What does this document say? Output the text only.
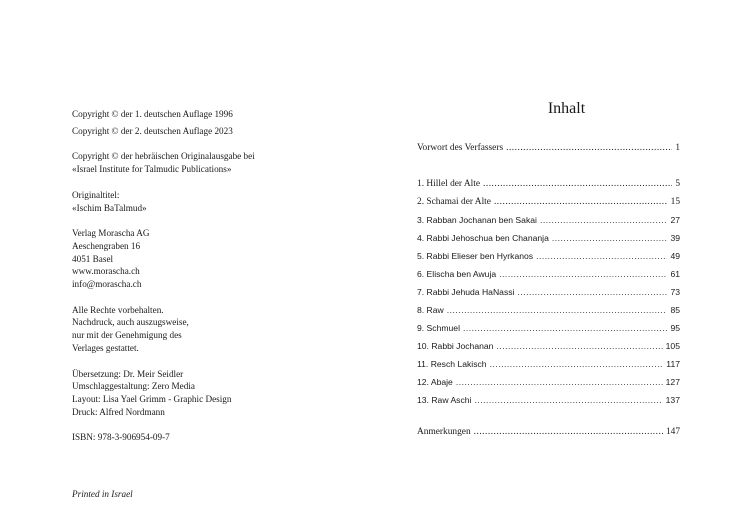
Copyright © der 1. deutschen Auflage 1996

Copyright © der 2. deutschen Auflage 2023

Copyright © der hebräischen Originalausgabe bei

«Israel Institute for Talmudic Publications»

Originaltitel:

«Ischim BaTalmud»

Verlag Morascha AG

Aeschengraben 16

4051 Basel

www.morascha.ch

info@morascha.ch

Alle Rechte vorbehalten.

Nachdruck, auch auszugsweise,

nur mit der Genehmigung des

Verlages gestattet.

Übersetzung: Dr. Meir Seidler

Umschlaggestaltung: Zero Media

Layout: Lisa Yael Grimm - Graphic Design

Druck: Alfred Nordmann

ISBN: 978-3-906954-09-7

Printed in Israel

Inhalt
Vorwort des Verfassers .....	1
1. Hillel der Alte .....	5
2. Schamai der Alte .....	15
3. Rabban Jochanan ben Sakai .....	27
4. Rabbi Jehoschua ben Chananja .....	39
5. Rabbi Elieser ben Hyrkanos .....	49
6. Elischa ben Awuja .....	61
7. Rabbi Jehuda HaNassi .....	73
8. Raw .....	85
9. Schmuel .....	95
10. Rabbi Jochanan .....	105
11. Resch Lakisch .....	117
12. Abaje .....	127
13. Raw Aschi .....	137
Anmerkungen .....	147
